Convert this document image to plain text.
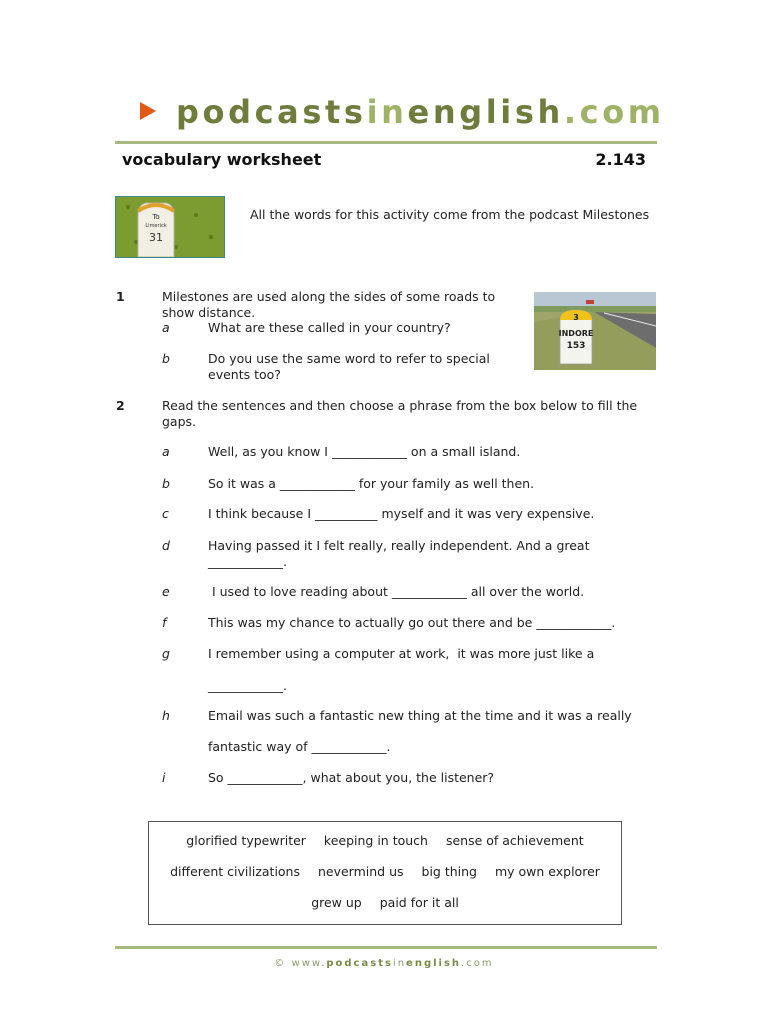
podcastsinenglish.com
vocabulary worksheet	2.143
To
Limerick
31
All the words for this activity come from the podcast Milestones
1	Milestones are used along the sides of some roads to show distance.
a	What are these called in your country?
b	Do you use the same word to refer to special events too?
3
INDORE
153
2	Read the sentences and then choose a phrase from the box below to fill the gaps.
a	Well, as you know I ____________ on a small island.
b	So it was a ____________ for your family as well then.
c	I think because I __________ myself and it was very expensive.
d	Having passed it I felt really, really independent. And a great ____________.
e	I used to love reading about ____________ all over the world.
f	This was my chance to actually go out there and be ____________.
g	I remember using a computer at work,  it was more just like a
____________.
h	Email was such a fantastic new thing at the time and it was a really
fantastic way of ____________.
i	So ____________, what about you, the listener?
glorified typewriter keeping in touch sense of achievement
different civilizations nevermind us big thing my own explorer
grew up paid for it all
© www.podcastsinenglish.com
